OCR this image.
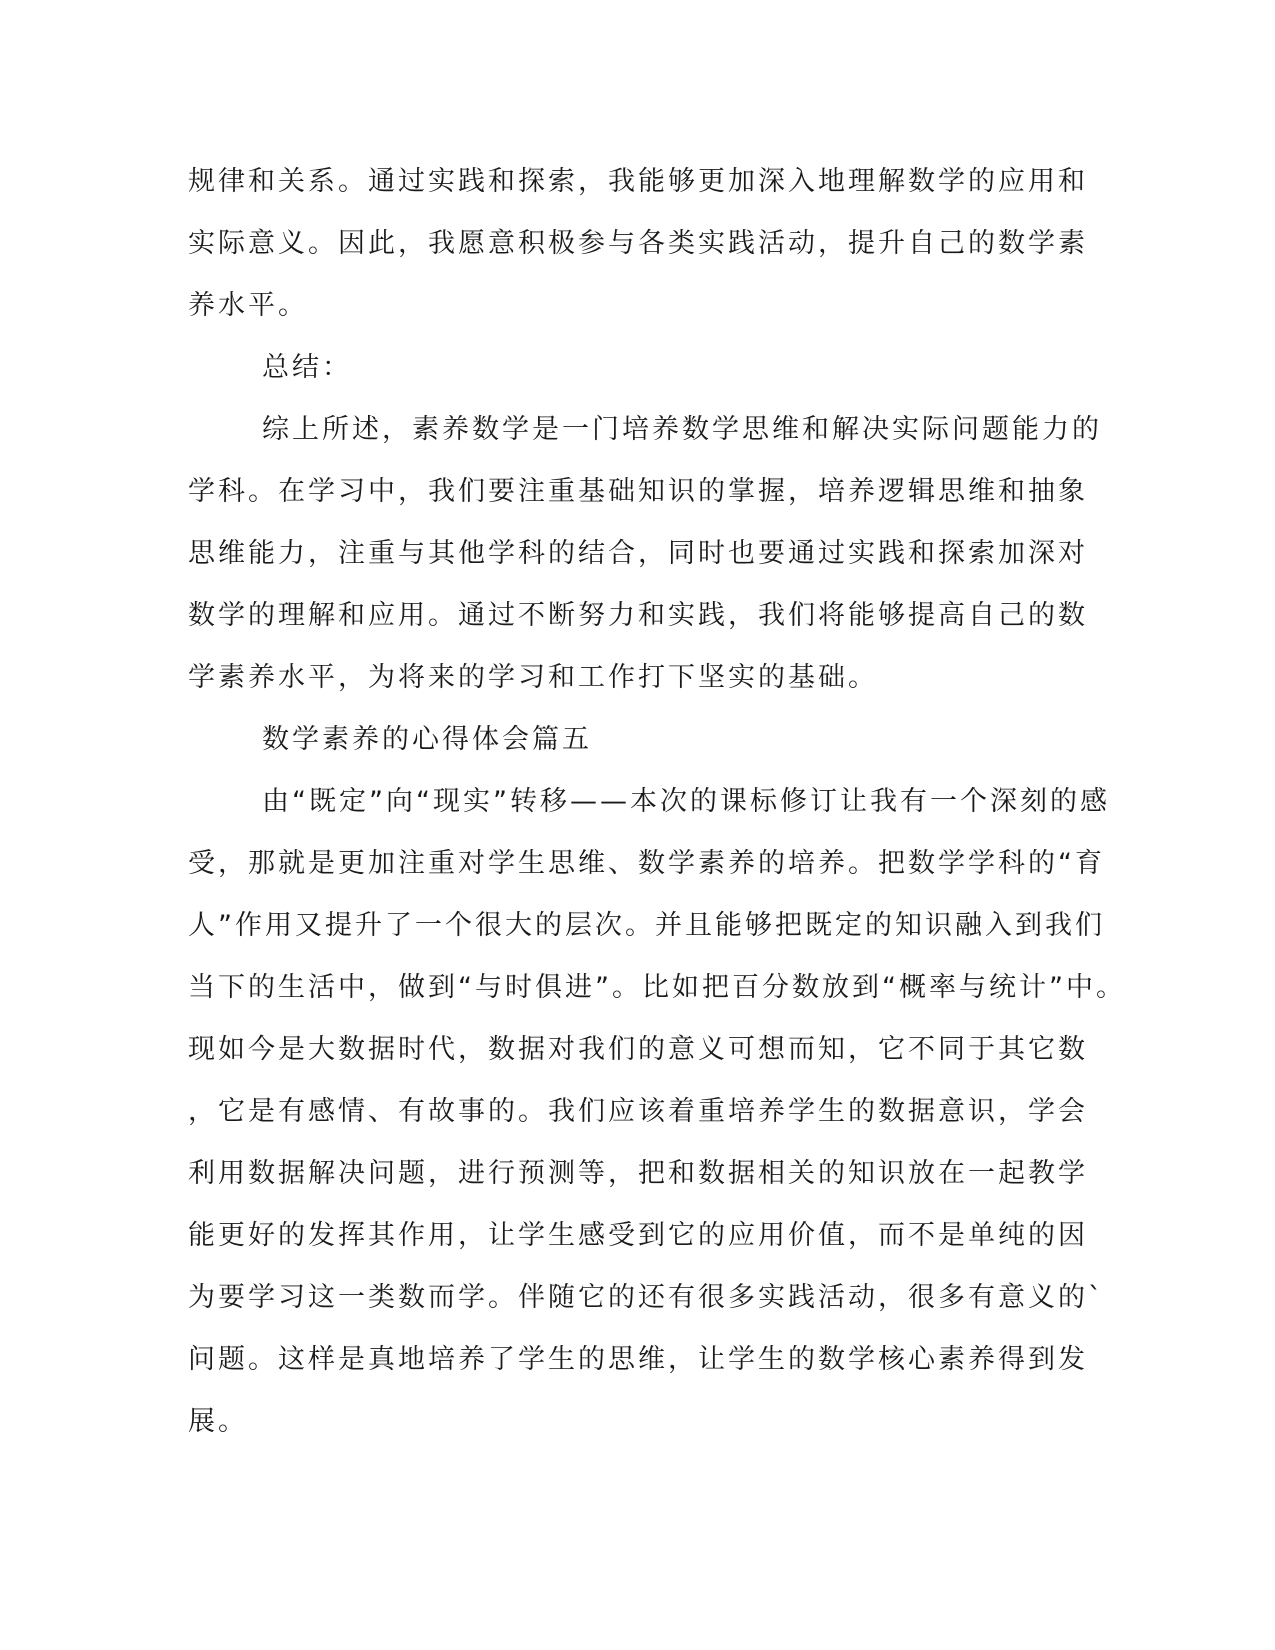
规律和关系。通过实践和探索，我能够更加深入地理解数学的应用和
实际意义。因此，我愿意积极参与各类实践活动，提升自己的数学素
养水平。
总结：
综上所述，素养数学是一门培养数学思维和解决实际问题能力的
学科。在学习中，我们要注重基础知识的掌握，培养逻辑思维和抽象
思维能力，注重与其他学科的结合，同时也要通过实践和探索加深对
数学的理解和应用。通过不断努力和实践，我们将能够提高自己的数
学素养水平，为将来的学习和工作打下坚实的基础。
数学素养的心得体会篇五
由“既定”向“现实”转移——本次的课标修订让我有一个深刻的感
受，那就是更加注重对学生思维、数学素养的培养。把数学学科的“育
人”作用又提升了一个很大的层次。并且能够把既定的知识融入到我们
当下的生活中，做到“与时俱进”。比如把百分数放到“概率与统计”中。
现如今是大数据时代，数据对我们的意义可想而知，它不同于其它数
，它是有感情、有故事的。我们应该着重培养学生的数据意识，学会
利用数据解决问题，进行预测等，把和数据相关的知识放在一起教学
能更好的发挥其作用，让学生感受到它的应用价值，而不是单纯的因
为要学习这一类数而学。伴随它的还有很多实践活动，很多有意义的`
问题。这样是真地培养了学生的思维，让学生的数学核心素养得到发
展。
